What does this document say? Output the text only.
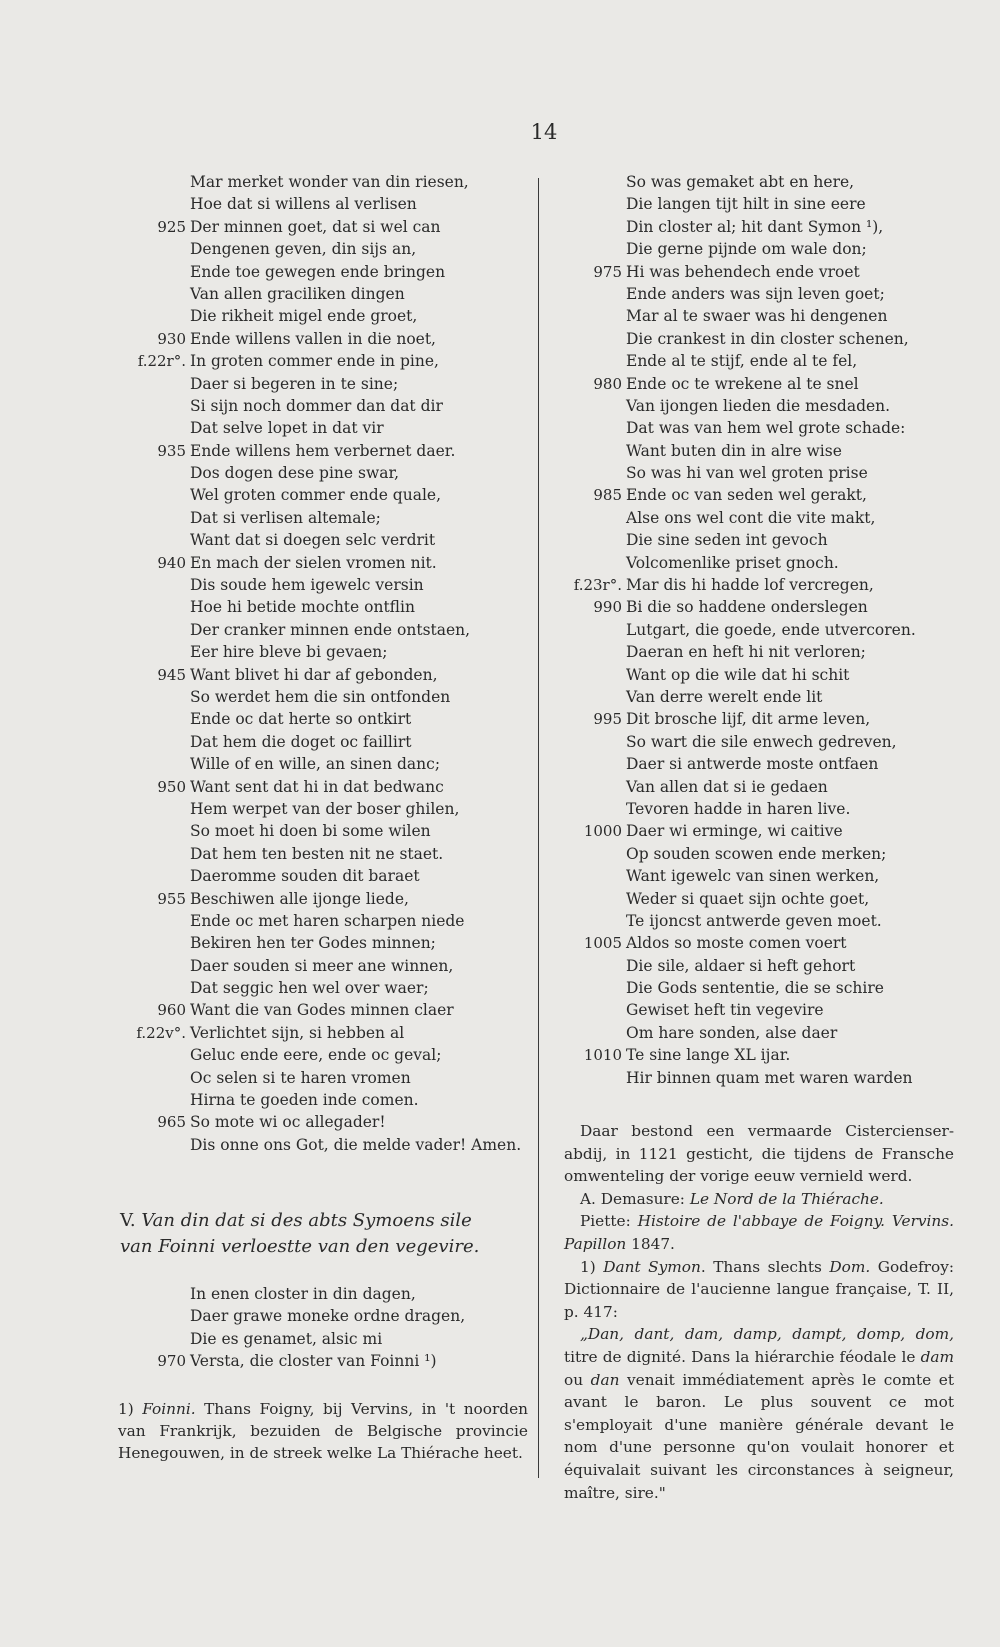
14
Mar merket wonder van din riesen,
Hoe dat si willens al verlisen
925 Der minnen goet, dat si wel can
Dengenen geven, din sijs an,
Ende toe gewegen ende bringen
Van allen graciliken dingen
Die rikheit migel ende groet,
930 Ende willens vallen in die noet,
f.22r°. In groten commer ende in pine,
Daer si begeren in te sine;
Si sijn noch dommer dan dat dir
Dat selve lopet in dat vir
935 Ende willens hem verbernet daer.
Dos dogen dese pine swar,
Wel groten commer ende quale,
Dat si verlisen altemale;
Want dat si doegen selc verdrit
940 En mach der sielen vromen nit.
Dis soude hem igewelc versin
Hoe hi betide mochte ontflin
Der cranker minnen ende ontstaen,
Eer hire bleve bi gevaen;
945 Want blivet hi dar af gebonden,
So werdet hem die sin ontfonden
Ende oc dat herte so ontkirt
Dat hem die doget oc faillirt
Wille of en wille, an sinen danc;
950 Want sent dat hi in dat bedwanc
Hem werpet van der boser ghilen,
So moet hi doen bi some wilen
Dat hem ten besten nit ne staet.
Daeromme souden dit baraet
955 Beschiwen alle ijonge liede,
Ende oc met haren scharpen niede
Bekiren hen ter Godes minnen;
Daer souden si meer ane winnen,
Dat seggic hen wel over waer;
960 Want die van Godes minnen claer
f.22v°. Verlichtet sijn, si hebben al
Geluc ende eere, ende oc geval;
Oc selen si te haren vromen
Hirna te goeden inde comen.
965 So mote wi oc allegader!
Dis onne ons Got, die melde vader! Amen.
So was gemaket abt en here,
Die langen tijt hilt in sine eere
Din closter al; hit dant Symon ¹),
Die gerne pijnde om wale don;
975 Hi was behendech ende vroet
Ende anders was sijn leven goet;
Mar al te swaer was hi dengenen
Die crankest in din closter schenen,
Ende al te stijf, ende al te fel,
980 Ende oc te wrekene al te snel
Van ijongen lieden die mesdaden.
Dat was van hem wel grote schade:
Want buten din in alre wise
So was hi van wel groten prise
985 Ende oc van seden wel gerakt,
Alse ons wel cont die vite makt,
Die sine seden int gevoch
Volcomenlike priset gnoch.
f.23r°. Mar dis hi hadde lof vercregen,
990 Bi die so haddene onderslegen
Lutgart, die goede, ende utvercoren.
Daeran en heft hi nit verloren;
Want op die wile dat hi schit
Van derre werelt ende lit
995 Dit brosche lijf, dit arme leven,
So wart die sile enwech gedreven,
Daer si antwerde moste ontfaen
Van allen dat si ie gedaen
Tevoren hadde in haren live.
1000 Daer wi erminge, wi caitive
Op souden scowen ende merken;
Want igewelc van sinen werken,
Weder si quaet sijn ochte goet,
Te ijoncst antwerde geven moet.
1005 Aldos so moste comen voert
Die sile, aldaer si heft gehort
Die Gods sententie, die se schire
Gewiset heft tin vegevire
Om hare sonden, alse daer
1010 Te sine lange XL ijar.
Hir binnen quam met waren warden
V. Van din dat si des abts Symoens sile
van Foinni verloestte van den vegevire.
In enen closter in din dagen,
Daer grawe moneke ordne dragen,
Die es genamet, alsic mi
970 Versta, die closter van Foinni ¹)
1) Foinni. Thans Foigny, bij Vervins, in 't noorden van Frankrijk, bezuiden de Belgische provincie Henegouwen, in de streek welke La Thiérache heet.

Daar bestond een vermaarde Cistercienser-abdij, in 1121 gesticht, die tijdens de Fransche omwenteling der vorige eeuw vernield werd.

A. Demasure: Le Nord de la Thiérache.

Piette: Histoire de l'abbaye de Foigny. Vervins. Papillon 1847.

1) Dant Symon. Thans slechts Dom. Godefroy: Dictionnaire de l'aucienne langue française, T. II, p. 417:

„Dan, dant, dam, damp, dampt, domp, dom, titre de dignité. Dans la hiérarchie féodale le dam ou dan venait immédiatement après le comte et avant le baron. Le plus souvent ce mot s'employait d'une manière générale devant le nom d'une personne qu'on voulait honorer et équivalait suivant les circonstances à seigneur, maître, sire."
